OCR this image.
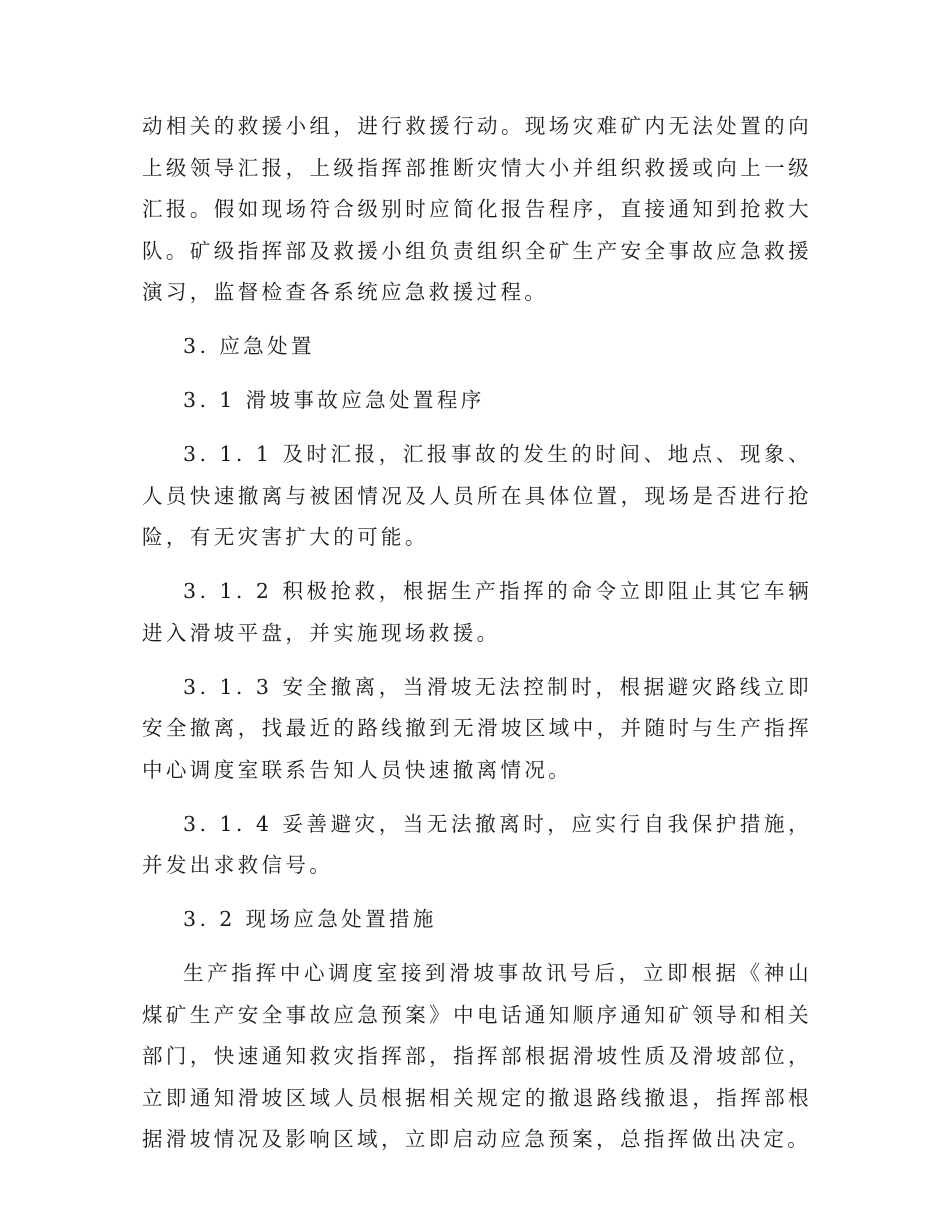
动相关的救援小组，进行救援行动。现场灾难矿内无法处置的向上级领导汇报，上级指挥部推断灾情大小并组织救援或向上一级汇报。假如现场符合级别时应简化报告程序，直接通知到抢救大队。矿级指挥部及救援小组负责组织全矿生产安全事故应急救援演习，监督检查各系统应急救援过程。

3. 应急处置

3. 1 滑坡事故应急处置程序

3. 1. 1 及时汇报，汇报事故的发生的时间、地点、现象、人员快速撤离与被困情况及人员所在具体位置，现场是否进行抢险，有无灾害扩大的可能。

3. 1. 2 积极抢救，根据生产指挥的命令立即阻止其它车辆进入滑坡平盘，并实施现场救援。

3. 1. 3 安全撤离，当滑坡无法控制时，根据避灾路线立即安全撤离，找最近的路线撤到无滑坡区域中，并随时与生产指挥中心调度室联系告知人员快速撤离情况。

3. 1. 4 妥善避灾，当无法撤离时，应实行自我保护措施，并发出求救信号。

3. 2 现场应急处置措施

生产指挥中心调度室接到滑坡事故讯号后，立即根据《神山煤矿生产安全事故应急预案》中电话通知顺序通知矿领导和相关部门，快速通知救灾指挥部，指挥部根据滑坡性质及滑坡部位，立即通知滑坡区域人员根据相关规定的撤退路线撤退，指挥部根据滑坡情况及影响区域，立即启动应急预案，总指挥做出决定。
